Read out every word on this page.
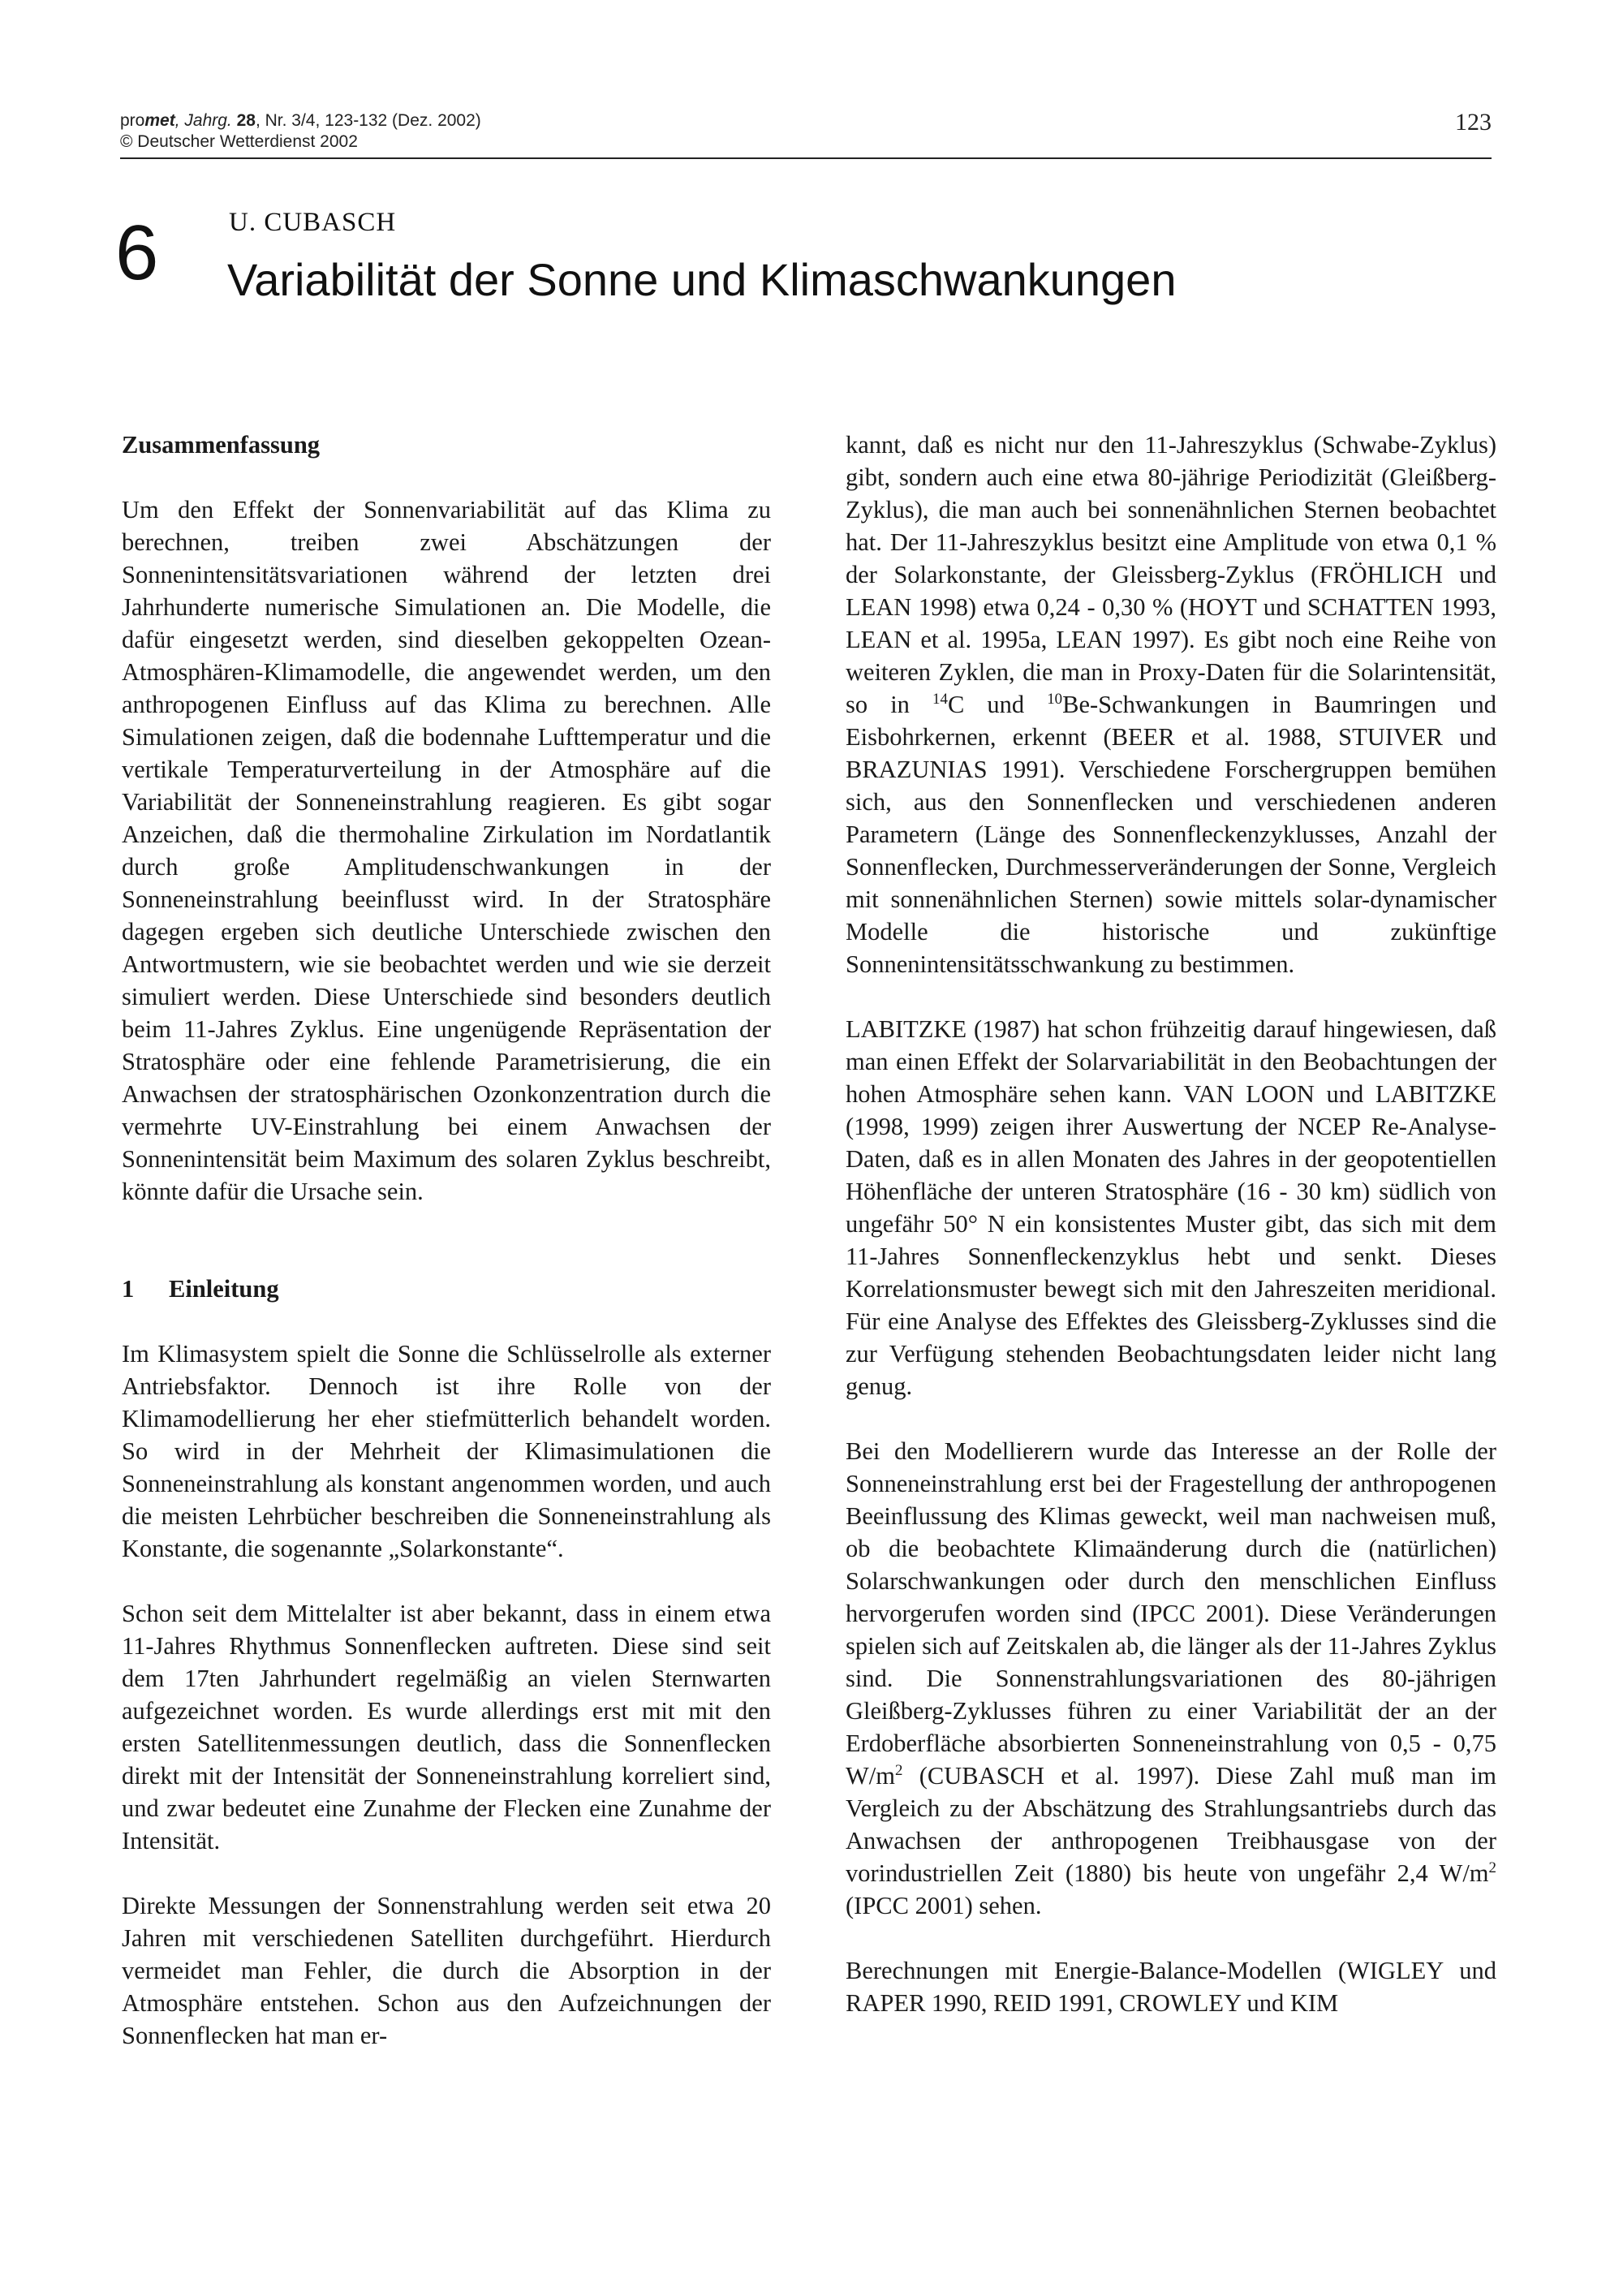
promet, Jahrg. 28, Nr. 3/4, 123-132 (Dez. 2002)
© Deutscher Wetterdienst 2002
123
6	U. CUBASCH
Variabilität der Sonne und Klimaschwankungen
Zusammenfassung

Um den Effekt der Sonnenvariabilität auf das Klima zu berechnen, treiben zwei Abschätzungen der Sonnenintensitätsvariationen während der letzten drei Jahrhunderte numerische Simulationen an. Die Modelle, die dafür eingesetzt werden, sind dieselben gekoppelten Ozean-Atmosphären-Klimamodelle, die angewendet werden, um den anthropogenen Einfluss auf das Klima zu berechnen. Alle Simulationen zeigen, daß die bodennahe Lufttemperatur und die vertikale Temperaturverteilung in der Atmosphäre auf die Variabilität der Sonneneinstrahlung reagieren. Es gibt sogar Anzeichen, daß die thermohaline Zirkulation im Nordatlantik durch große Amplitudenschwankungen in der Sonneneinstrahlung beeinflusst wird. In der Stratosphäre dagegen ergeben sich deutliche Unterschiede zwischen den Antwortmustern, wie sie beobachtet werden und wie sie derzeit simuliert werden. Diese Unterschiede sind besonders deutlich beim 11-Jahres Zyklus. Eine ungenügende Repräsentation der Stratosphäre oder eine fehlende Parametrisierung, die ein Anwachsen der stratosphärischen Ozonkonzentration durch die vermehrte UV-Einstrahlung bei einem Anwachsen der Sonnenintensität beim Maximum des solaren Zyklus beschreibt, könnte dafür die Ursache sein.

1 Einleitung

Im Klimasystem spielt die Sonne die Schlüsselrolle als externer Antriebsfaktor. Dennoch ist ihre Rolle von der Klimamodellierung her eher stiefmütterlich behandelt worden. So wird in der Mehrheit der Klimasimulationen die Sonneneinstrahlung als konstant angenommen worden, und auch die meisten Lehrbücher beschreiben die Sonneneinstrahlung als Konstante, die sogenannte „Solarkonstante“.

Schon seit dem Mittelalter ist aber bekannt, dass in einem etwa 11-Jahres Rhythmus Sonnenflecken auftreten. Diese sind seit dem 17ten Jahrhundert regelmäßig an vielen Sternwarten aufgezeichnet worden. Es wurde allerdings erst mit mit den ersten Satellitenmessungen deutlich, dass die Sonnenflecken direkt mit der Intensität der Sonneneinstrahlung korreliert sind, und zwar bedeutet eine Zunahme der Flecken eine Zunahme der Intensität.

Direkte Messungen der Sonnenstrahlung werden seit etwa 20 Jahren mit verschiedenen Satelliten durchgeführt. Hierdurch vermeidet man Fehler, die durch die Absorption in der Atmosphäre entstehen. Schon aus den Aufzeichnungen der Sonnenflecken hat man er-

kannt, daß es nicht nur den 11-Jahreszyklus (Schwabe-Zyklus) gibt, sondern auch eine etwa 80-jährige Periodizität (Gleißberg-Zyklus), die man auch bei sonnenähnlichen Sternen beobachtet hat. Der 11-Jahreszyklus besitzt eine Amplitude von etwa 0,1 % der Solarkonstante, der Gleissberg-Zyklus (FRÖHLICH und LEAN 1998) etwa 0,24 - 0,30 % (HOYT und SCHATTEN 1993, LEAN et al. 1995a, LEAN 1997). Es gibt noch eine Reihe von weiteren Zyklen, die man in Proxy-Daten für die Solarintensität, so in $^{14}$C und $^{10}$Be-Schwankungen in Baumringen und Eisbohrkernen, erkennt (BEER et al. 1988, STUIVER und BRAZUNIAS 1991). Verschiedene Forschergruppen bemühen sich, aus den Sonnenflecken und verschiedenen anderen Parametern (Länge des Sonnenfleckenzyklusses, Anzahl der Sonnenflecken, Durchmesserveränderungen der Sonne, Vergleich mit sonnenähnlichen Sternen) sowie mittels solar-dynamischer Modelle die historische und zukünftige Sonnenintensitätsschwankung zu bestimmen.

LABITZKE (1987) hat schon frühzeitig darauf hingewiesen, daß man einen Effekt der Solarvariabilität in den Beobachtungen der hohen Atmosphäre sehen kann. VAN LOON und LABITZKE (1998, 1999) zeigen ihrer Auswertung der NCEP Re-Analyse-Daten, daß es in allen Monaten des Jahres in der geopotentiellen Höhenfläche der unteren Stratosphäre (16 - 30 km) südlich von ungefähr 50° N ein konsistentes Muster gibt, das sich mit dem 11-Jahres Sonnenfleckenzyklus hebt und senkt. Dieses Korrelationsmuster bewegt sich mit den Jahreszeiten meridional. Für eine Analyse des Effektes des Gleissberg-Zyklusses sind die zur Verfügung stehenden Beobachtungsdaten leider nicht lang genug.

Bei den Modellierern wurde das Interesse an der Rolle der Sonneneinstrahlung erst bei der Fragestellung der anthropogenen Beeinflussung des Klimas geweckt, weil man nachweisen muß, ob die beobachtete Klimaänderung durch die (natürlichen) Solarschwankungen oder durch den menschlichen Einfluss hervorgerufen worden sind (IPCC 2001). Diese Veränderungen spielen sich auf Zeitskalen ab, die länger als der 11-Jahres Zyklus sind. Die Sonnenstrahlungsvariationen des 80-jährigen Gleißberg-Zyklusses führen zu einer Variabilität der an der Erdoberfläche absorbierten Sonneneinstrahlung von 0,5 - 0,75 $W/m^2$ (CUBASCH et al. 1997). Diese Zahl muß man im Vergleich zu der Abschätzung des Strahlungsantriebs durch das Anwachsen der anthropogenen Treibhausgase von der vorindustriellen Zeit (1880) bis heute von ungefähr 2,4 $W/m^2$ (IPCC 2001) sehen.

Berechnungen mit Energie-Balance-Modellen (WIGLEY und RAPER 1990, REID 1991, CROWLEY und KIM
